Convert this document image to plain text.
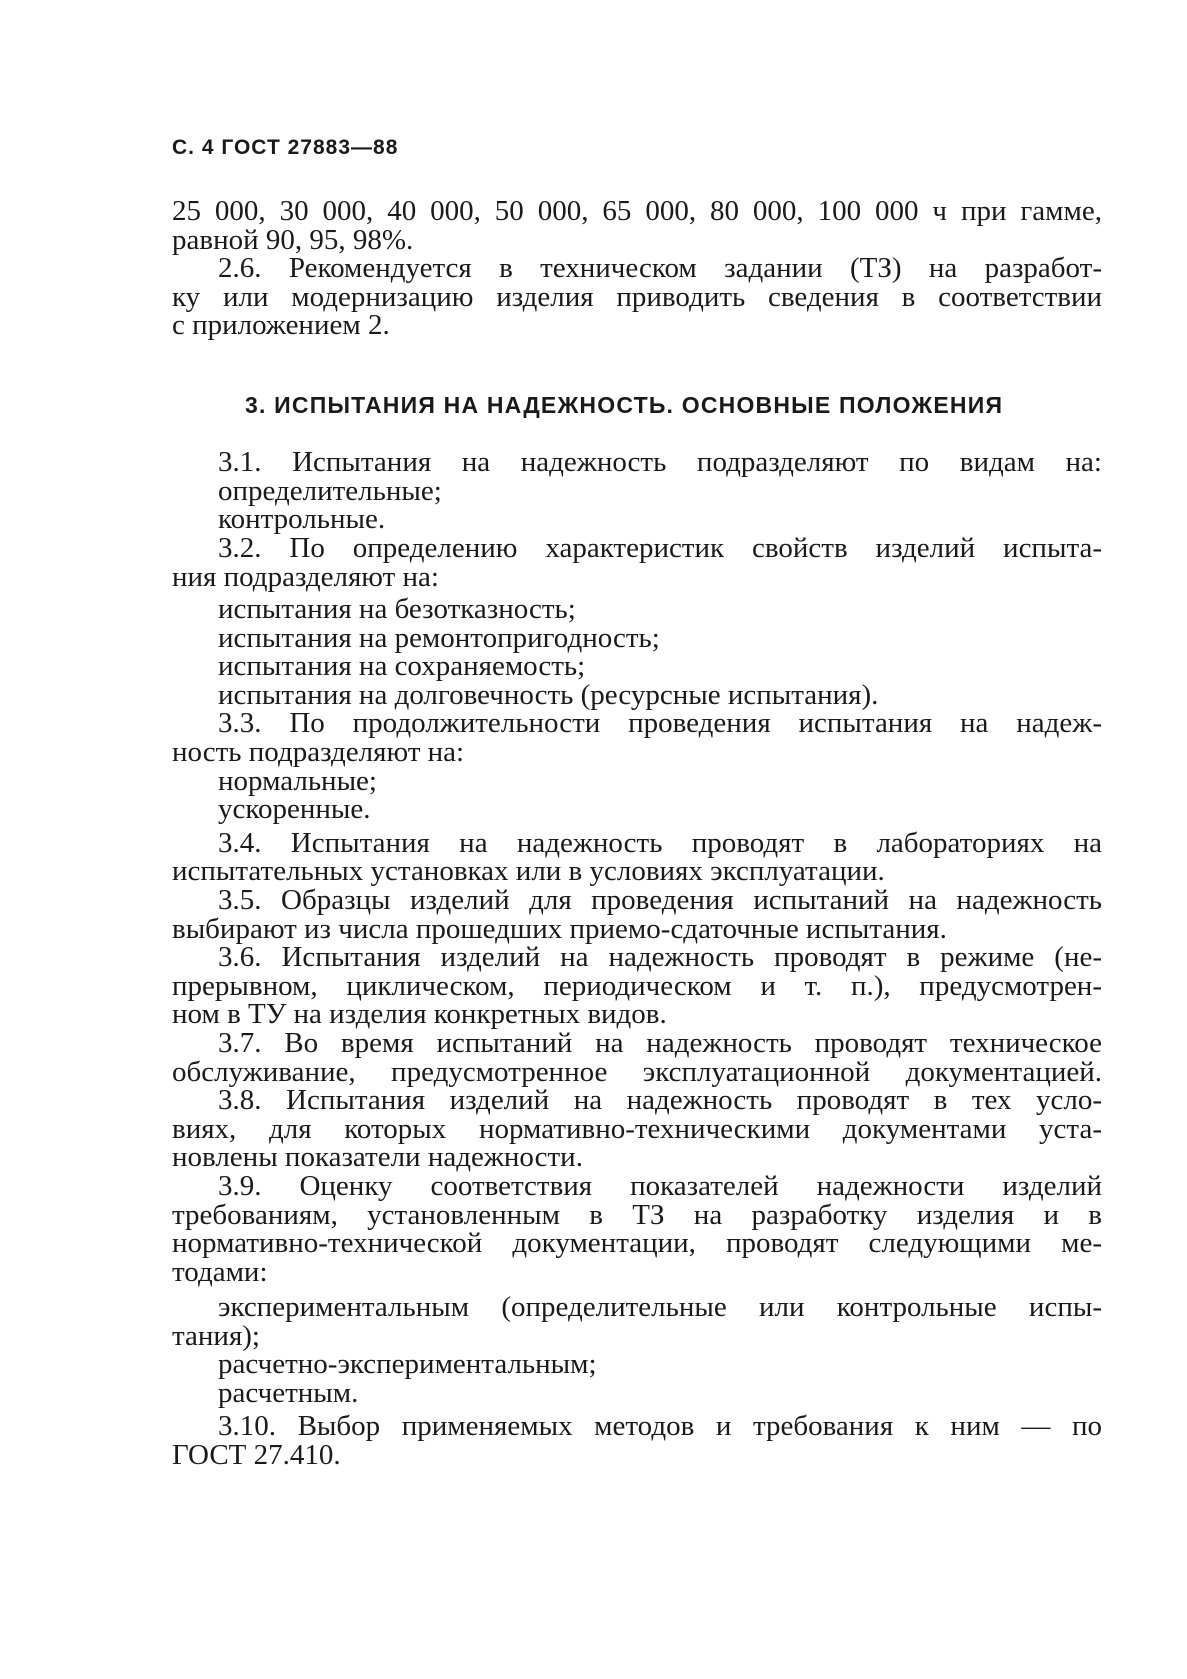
С. 4 ГОСТ 27883—88
25 000, 30 000, 40 000, 50 000, 65 000, 80 000, 100 000 ч при гамме,
равной 90, 95, 98%.
2.6. Рекомендуется в техническом задании (ТЗ) на разработ-
ку или модернизацию изделия приводить сведения в соответствии
с приложением 2.
3. ИСПЫТАНИЯ НА НАДЕЖНОСТЬ. ОСНОВНЫЕ ПОЛОЖЕНИЯ
3.1. Испытания на надежность подразделяют по видам на:
определительные;
контрольные.
3.2. По определению характеристик свойств изделий испыта-
ния подразделяют на:
испытания на безотказность;
испытания на ремонтопригодность;
испытания на сохраняемость;
испытания на долговечность (ресурсные испытания).
3.3. По продолжительности проведения испытания на надеж-
ность подразделяют на:
нормальные;
ускоренные.
3.4. Испытания на надежность проводят в лабораториях на
испытательных установках или в условиях эксплуатации.
3.5. Образцы изделий для проведения испытаний на надежность
выбирают из числа прошедших приемо-сдаточные испытания.
3.6. Испытания изделий на надежность проводят в режиме (не-
прерывном, циклическом, периодическом и т. п.), предусмотрен-
ном в ТУ на изделия конкретных видов.
3.7. Во время испытаний на надежность проводят техническое
обслуживание, предусмотренное эксплуатационной документацией.
3.8. Испытания изделий на надежность проводят в тех усло-
виях, для которых нормативно-техническими документами уста-
новлены показатели надежности.
3.9. Оценку соответствия показателей надежности изделий
требованиям, установленным в ТЗ на разработку изделия и в
нормативно-технической документации, проводят следующими ме-
тодами:
экспериментальным (определительные или контрольные испы-
тания);
расчетно-экспериментальным;
расчетным.
3.10. Выбор применяемых методов и требования к ним — по
ГОСТ 27.410.
